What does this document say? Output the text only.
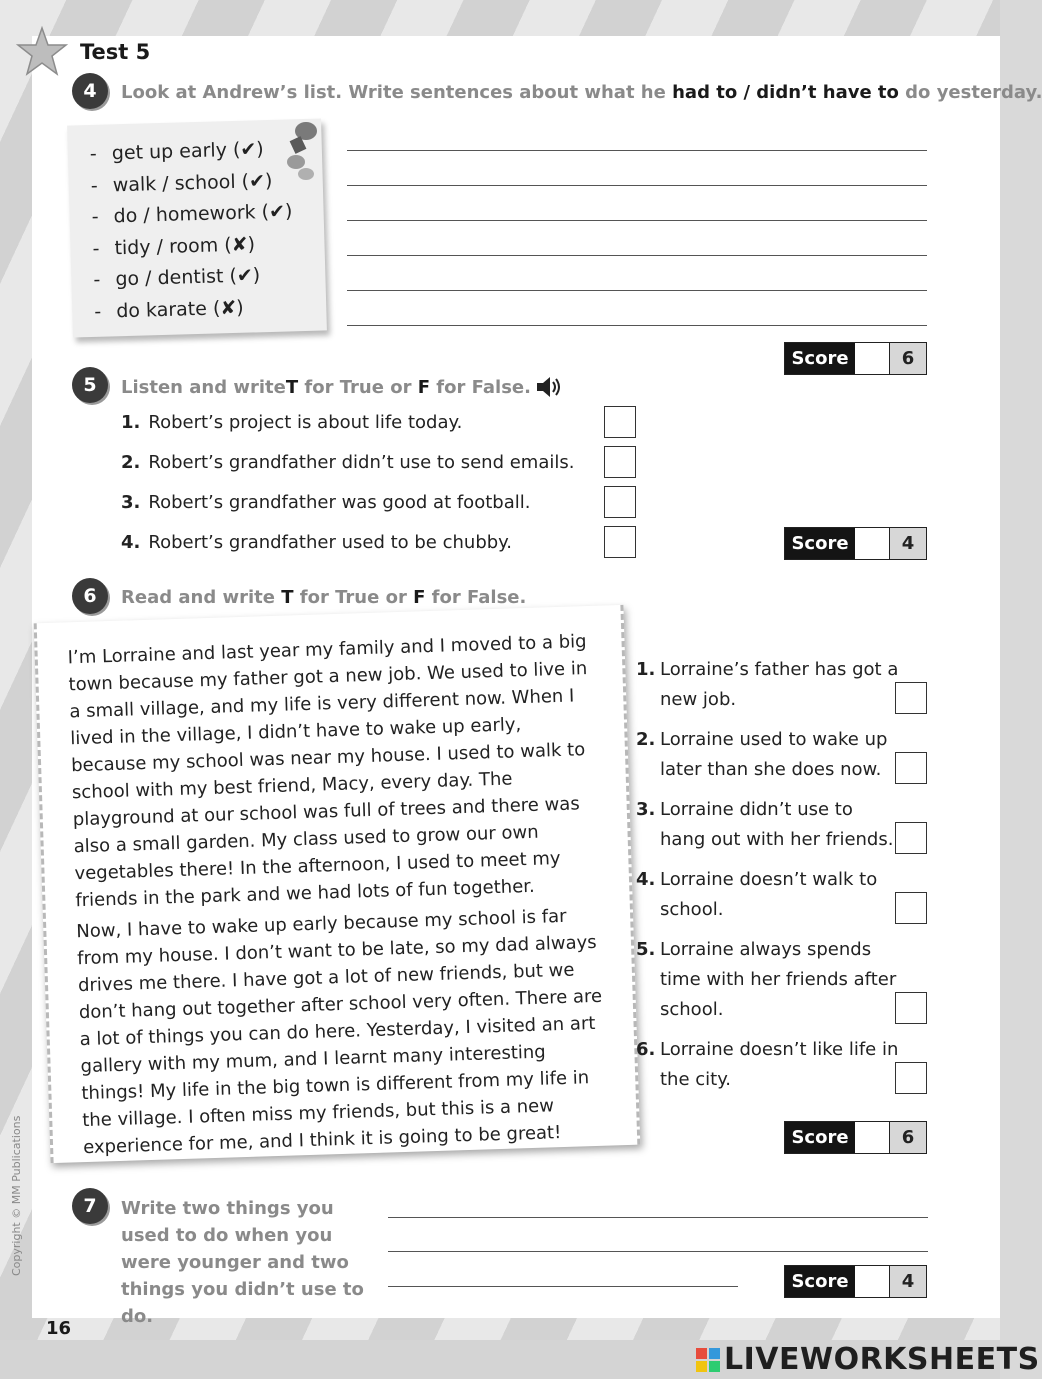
Test 5
4	Look at Andrew’s list. Write sentences about what he had to / didn’t have to do yesterday.
- get up early (✔)
- walk / school (✔)
- do / homework (✔)
- tidy / room (✘)
- go / dentist (✔)
- do karate (✘)
Score	6
5	Listen and write T for True or F for False.
1. Robert’s project is about life today.
2. Robert’s grandfather didn’t use to send emails.
3. Robert’s grandfather was good at football.
4. Robert’s grandfather used to be chubby.	Score	4
6	Read and write T for True or F for False.

I’m Lorraine and last year my family and I moved to a big town because my father got a new job. We used to live in a small village, and my life is very different now. When I lived in the village, I didn’t have to wake up early, because my school was near my house. I used to walk to school with my best friend, Macy, every day. The playground at our school was full of trees and there was also a small garden. My class used to grow our own vegetables there! In the afternoon, I used to meet my friends in the park and we had lots of fun together.

Now, I have to wake up early because my school is far from my house. I don’t want to be late, so my dad always drives me there. I have got a lot of new friends, but we don’t hang out together after school very often. There are a lot of things you can do here. Yesterday, I visited an art gallery with my mum, and I learnt many interesting things! My life in the big town is different from my life in the village. I often miss my friends, but this is a new experience for me, and I think it is going to be great!

1. Lorraine’s father has got a new job.
2. Lorraine used to wake up later than she does now.
3. Lorraine didn’t use to hang out with her friends.
4. Lorraine doesn’t walk to school.
5. Lorraine always spends time with her friends after school.
6. Lorraine doesn’t like life in the city.
Score	6
7	Write two things you used to do when you were younger and two things you didn’t use to do.
Score	4
Copyright © MM Publications
16
LIVEWORKSHEETS
